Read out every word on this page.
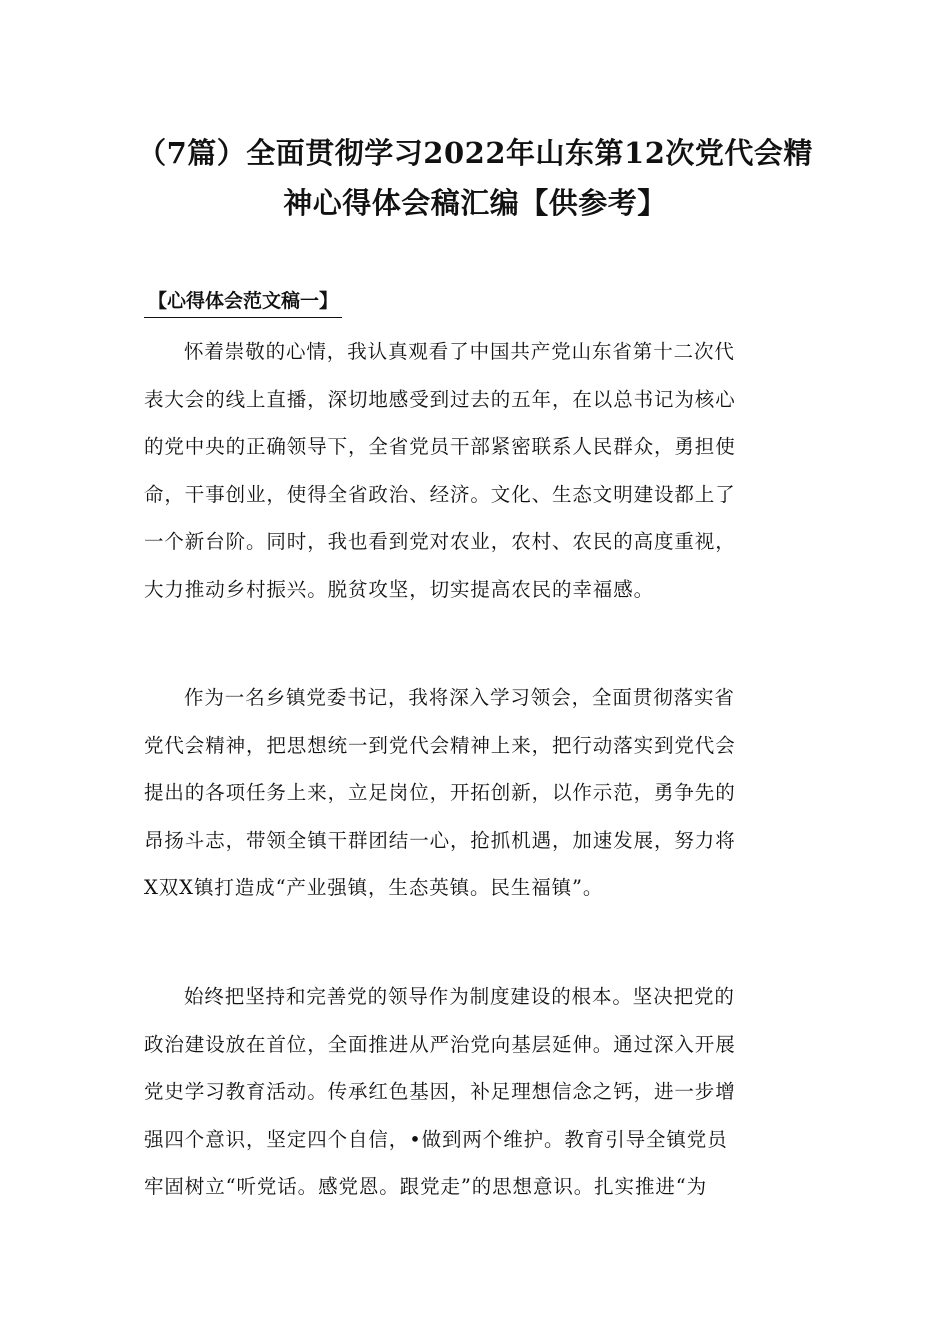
（7篇）全面贯彻学习2022年山东第12次党代会精
神心得体会稿汇编【供参考】
【心得体会范文稿一】
怀着崇敬的心情，我认真观看了中国共产党山东省第十二次代
表大会的线上直播，深切地感受到过去的五年，在以总书记为核心
的党中央的正确领导下，全省党员干部紧密联系人民群众，勇担使
命，干事创业，使得全省政治、经济。文化、生态文明建设都上了
一个新台阶。同时，我也看到党对农业，农村、农民的高度重视，
大力推动乡村振兴。脱贫攻坚，切实提高农民的幸福感。
作为一名乡镇党委书记，我将深入学习领会，全面贯彻落实省
党代会精神，把思想统一到党代会精神上来，把行动落实到党代会
提出的各项任务上来，立足岗位，开拓创新，以作示范，勇争先的
昂扬斗志，带领全镇干群团结一心，抢抓机遇，加速发展，努力将
X双X镇打造成“产业强镇，生态英镇。民生福镇”。
始终把坚持和完善党的领导作为制度建设的根本。坚决把党的
政治建设放在首位，全面推进从严治党向基层延伸。通过深入开展
党史学习教育活动。传承红色基因，补足理想信念之钙，进一步增
强四个意识，坚定四个自信，•做到两个维护。教育引导全镇党员
牢固树立“听党话。感党恩。跟党走”的思想意识。扎实推进“为
